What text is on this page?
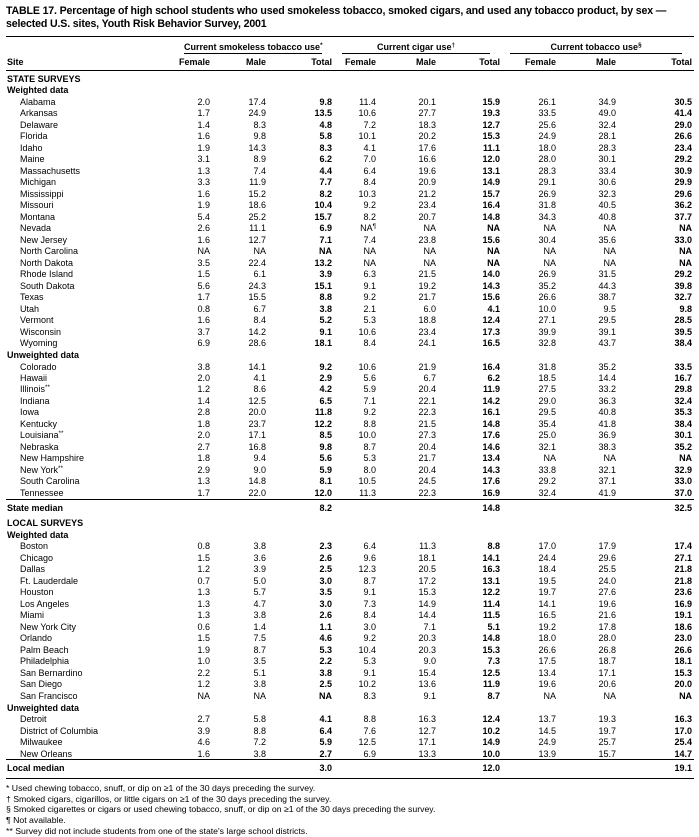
TABLE 17. Percentage of high school students who used smokeless tobacco, smoked cigars, and used any tobacco product, by sex — selected U.S. sites, Youth Risk Behavior Survey, 2001

	Current smokeless tobacco use*			Current cigar use†			Current tobacco use§

Site	Female	Male	Total	Female	Male	Total	Female	Male	Total
STATE SURVEYS									
Weighted data									
Alabama	2.0	17.4	9.8	11.4	20.1	15.9	26.1	34.9	30.5
Arkansas	1.7	24.9	13.5	10.6	27.7	19.3	33.5	49.0	41.4
Delaware	1.4	8.3	4.8	7.2	18.3	12.7	25.6	32.4	29.0
Florida	1.6	9.8	5.8	10.1	20.2	15.3	24.9	28.1	26.6
Idaho	1.9	14.3	8.3	4.1	17.6	11.1	18.0	28.3	23.4
Maine	3.1	8.9	6.2	7.0	16.6	12.0	28.0	30.1	29.2
Massachusetts	1.3	7.4	4.4	6.4	19.6	13.1	28.3	33.4	30.9
Michigan	3.3	11.9	7.7	8.4	20.9	14.9	29.1	30.6	29.9
Mississippi	1.6	15.2	8.2	10.3	21.2	15.7	26.9	32.3	29.6
Missouri	1.9	18.6	10.4	9.2	23.4	16.4	31.8	40.5	36.2
Montana	5.4	25.2	15.7	8.2	20.7	14.8	34.3	40.8	37.7
Nevada	2.6	11.1	6.9	NA¶	NA	NA	NA	NA	NA
New Jersey	1.6	12.7	7.1	7.4	23.8	15.6	30.4	35.6	33.0
North Carolina	NA	NA	NA	NA	NA	NA	NA	NA	NA
North Dakota	3.5	22.4	13.2	NA	NA	NA	NA	NA	NA
Rhode Island	1.5	6.1	3.9	6.3	21.5	14.0	26.9	31.5	29.2
South Dakota	5.6	24.3	15.1	9.1	19.2	14.3	35.2	44.3	39.8
Texas	1.7	15.5	8.8	9.2	21.7	15.6	26.6	38.7	32.7
Utah	0.8	6.7	3.8	2.1	6.0	4.1	10.0	9.5	9.8
Vermont	1.6	8.4	5.2	5.3	18.8	12.4	27.1	29.5	28.5
Wisconsin	3.7	14.2	9.1	10.6	23.4	17.3	39.9	39.1	39.5
Wyoming	6.9	28.6	18.1	8.4	24.1	16.5	32.8	43.7	38.4
Unweighted data									
Colorado	3.8	14.1	9.2	10.6	21.9	16.4	31.8	35.2	33.5
Hawaii	2.0	4.1	2.9	5.6	6.7	6.2	18.5	14.4	16.7
Illinois**	1.2	8.6	4.2	5.9	20.4	11.9	27.5	33.2	29.8
Indiana	1.4	12.5	6.5	7.1	22.1	14.2	29.0	36.3	32.4
Iowa	2.8	20.0	11.8	9.2	22.3	16.1	29.5	40.8	35.3
Kentucky	1.8	23.7	12.2	8.8	21.5	14.8	35.4	41.8	38.4
Louisiana**	2.0	17.1	8.5	10.0	27.3	17.6	25.0	36.9	30.1
Nebraska	2.7	16.8	9.8	8.7	20.4	14.6	32.1	38.3	35.2
New Hampshire	1.8	9.4	5.6	5.3	21.7	13.4	NA	NA	NA
New York**	2.9	9.0	5.9	8.0	20.4	14.3	33.8	32.1	32.9
South Carolina	1.3	14.8	8.1	10.5	24.5	17.6	29.2	37.1	33.0
Tennessee	1.7	22.0	12.0	11.3	22.3	16.9	32.4	41.9	37.0
State median			8.2			14.8			32.5
LOCAL SURVEYS									
Weighted data									
Boston	0.8	3.8	2.3	6.4	11.3	8.8	17.0	17.9	17.4
Chicago	1.5	3.6	2.6	9.6	18.1	14.1	24.4	29.6	27.1
Dallas	1.2	3.9	2.5	12.3	20.5	16.3	18.4	25.5	21.8
Ft. Lauderdale	0.7	5.0	3.0	8.7	17.2	13.1	19.5	24.0	21.8
Houston	1.3	5.7	3.5	9.1	15.3	12.2	19.7	27.6	23.6
Los Angeles	1.3	4.7	3.0	7.3	14.9	11.4	14.1	19.6	16.9
Miami	1.3	3.8	2.6	8.4	14.4	11.5	16.5	21.6	19.1
New York City	0.6	1.4	1.1	3.0	7.1	5.1	19.2	17.8	18.6
Orlando	1.5	7.5	4.6	9.2	20.3	14.8	18.0	28.0	23.0
Palm Beach	1.9	8.7	5.3	10.4	20.3	15.3	26.6	26.8	26.6
Philadelphia	1.0	3.5	2.2	5.3	9.0	7.3	17.5	18.7	18.1
San Bernardino	2.2	5.1	3.8	9.1	15.4	12.5	13.4	17.1	15.3
San Diego	1.2	3.8	2.5	10.2	13.6	11.9	19.6	20.6	20.0
San Francisco	NA	NA	NA	8.3	9.1	8.7	NA	NA	NA
Unweighted data									
Detroit	2.7	5.8	4.1	8.8	16.3	12.4	13.7	19.3	16.3
District of Columbia	3.9	8.8	6.4	7.6	12.7	10.2	14.5	19.7	17.0
Milwaukee	4.6	7.2	5.9	12.5	17.1	14.9	24.9	25.7	25.4
New Orleans	1.6	3.8	2.7	6.9	13.3	10.0	13.9	15.7	14.7
Local median			3.0			12.0			19.1
* Used chewing tobacco, snuff, or dip on ≥1 of the 30 days preceding the survey.
† Smoked cigars, cigarillos, or little cigars on ≥1 of the 30 days preceding the survey.
§ Smoked cigarettes or cigars or used chewing tobacco, snuff, or dip on ≥1 of the 30 days preceding the survey.
¶ Not available.
** Survey did not include students from one of the state's large school districts.
